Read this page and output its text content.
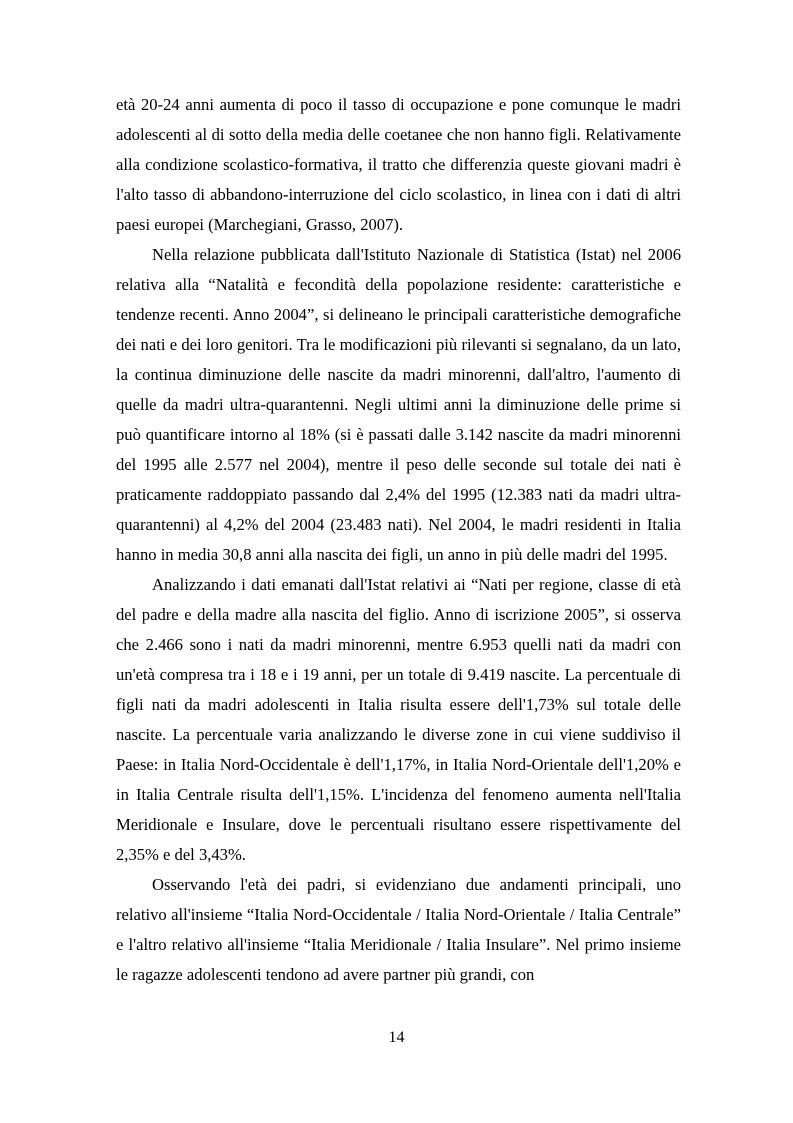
età 20-24 anni aumenta di poco il tasso di occupazione e pone comunque le madri adolescenti al di sotto della media delle coetanee che non hanno figli. Relativamente alla condizione scolastico-formativa, il tratto che differenzia queste giovani madri è l'alto tasso di abbandono-interruzione del ciclo scolastico, in linea con i dati di altri paesi europei (Marchegiani, Grasso, 2007).

Nella relazione pubblicata dall'Istituto Nazionale di Statistica (Istat) nel 2006 relativa alla “Natalità e fecondità della popolazione residente: caratteristiche e tendenze recenti. Anno 2004”, si delineano le principali caratteristiche demografiche dei nati e dei loro genitori. Tra le modificazioni più rilevanti si segnalano, da un lato, la continua diminuzione delle nascite da madri minorenni, dall'altro, l'aumento di quelle da madri ultra-quarantenni. Negli ultimi anni la diminuzione delle prime si può quantificare intorno al 18% (si è passati dalle 3.142 nascite da madri minorenni del 1995 alle 2.577 nel 2004), mentre il peso delle seconde sul totale dei nati è praticamente raddoppiato passando dal 2,4% del 1995 (12.383 nati da madri ultra-quarantenni) al 4,2% del 2004 (23.483 nati). Nel 2004, le madri residenti in Italia hanno in media 30,8 anni alla nascita dei figli, un anno in più delle madri del 1995.

Analizzando i dati emanati dall'Istat relativi ai “Nati per regione, classe di età del padre e della madre alla nascita del figlio. Anno di iscrizione 2005”, si osserva che 2.466 sono i nati da madri minorenni, mentre 6.953 quelli nati da madri con un'età compresa tra i 18 e i 19 anni, per un totale di 9.419 nascite. La percentuale di figli nati da madri adolescenti in Italia risulta essere dell'1,73% sul totale delle nascite. La percentuale varia analizzando le diverse zone in cui viene suddiviso il Paese: in Italia Nord-Occidentale è dell'1,17%, in Italia Nord-Orientale dell'1,20% e in Italia Centrale risulta dell'1,15%. L'incidenza del fenomeno aumenta nell'Italia Meridionale e Insulare, dove le percentuali risultano essere rispettivamente del 2,35% e del 3,43%.

Osservando l'età dei padri, si evidenziano due andamenti principali, uno relativo all'insieme “Italia Nord-Occidentale / Italia Nord-Orientale / Italia Centrale” e l'altro relativo all'insieme “Italia Meridionale / Italia Insulare”. Nel primo insieme le ragazze adolescenti tendono ad avere partner più grandi, con

14
